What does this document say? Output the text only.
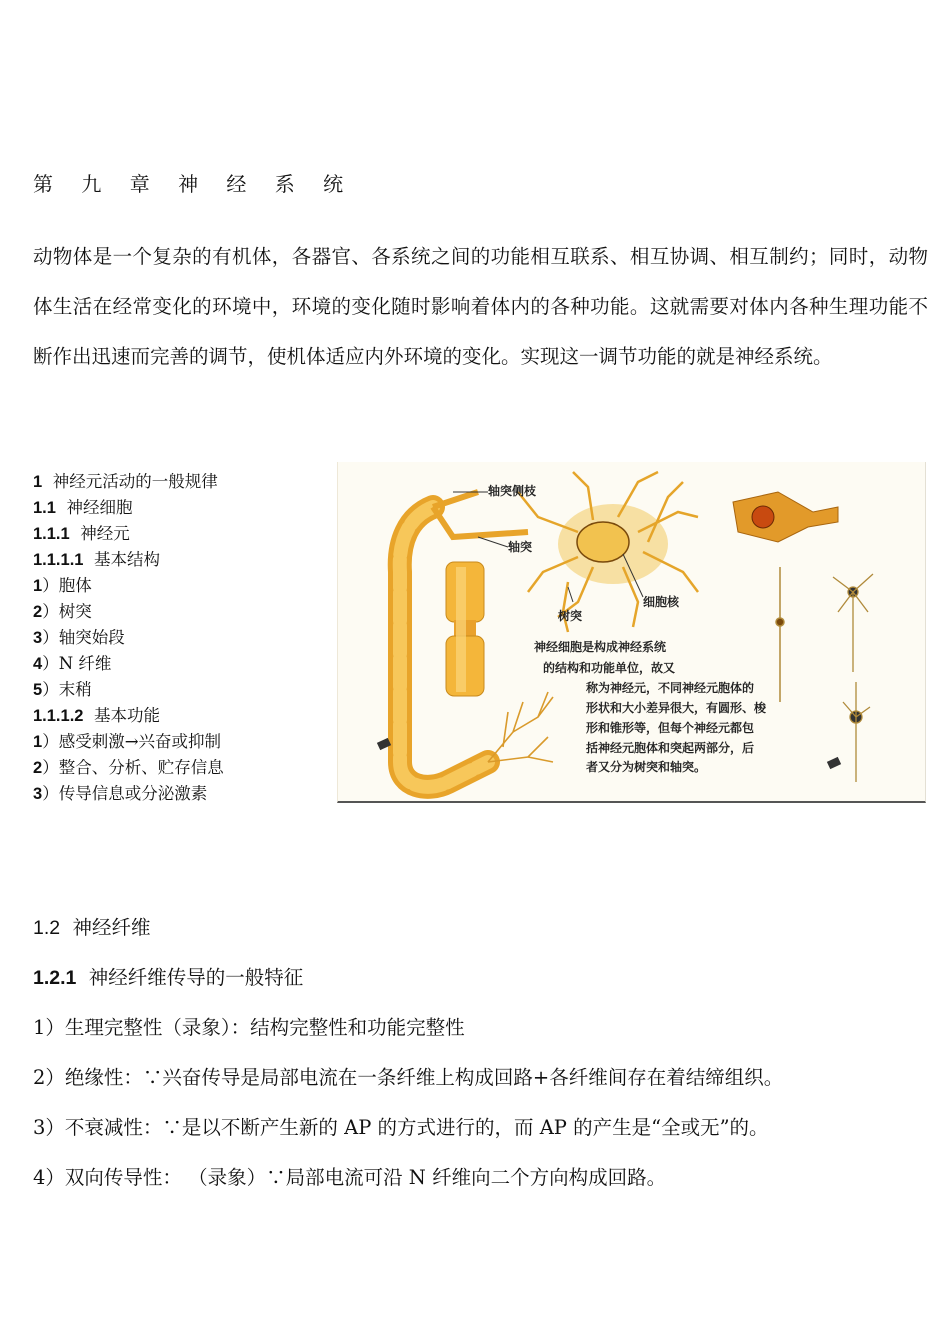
第 九 章 神 经 系 统
动物体是一个复杂的有机体，各器官、各系统之间的功能相互联系、相互协调、相互制约；同时，动物体生活在经常变化的环境中，环境的变化随时影响着体内的各种功能。这就需要对体内各种生理功能不断作出迅速而完善的调节，使机体适应内外环境的变化。实现这一调节功能的就是神经系统。
1 神经元活动的一般规律
1.1 神经细胞
1.1.1 神经元
1.1.1.1 基本结构
1）胞体
2）树突
3）轴突始段
4）N 纤维
5）末稍
1.1.1.2 基本功能
1）感受刺激→兴奋或抑制
2）整合、分析、贮存信息
3）传导信息或分泌激素
轴突侧枝
轴突
树突
细胞核
神经细胞是构成神经系统
的结构和功能单位，故又
称为神经元，不同神经元胞体的
形状和大小差异很大，有圆形、梭
形和锥形等，但每个神经元都包
括神经元胞体和突起两部分，后
者又分为树突和轴突。
1.2 神经纤维
1.2.1 神经纤维传导的一般特征
1）生理完整性（录象）：结构完整性和功能完整性
2）绝缘性：∵兴奋传导是局部电流在一条纤维上构成回路+各纤维间存在着结缔组织。
3）不衰减性：∵是以不断产生新的 AP 的方式进行的，而 AP 的产生是“全或无”的。
4）双向传导性： （录象）∵局部电流可沿 N 纤维向二个方向构成回路。
